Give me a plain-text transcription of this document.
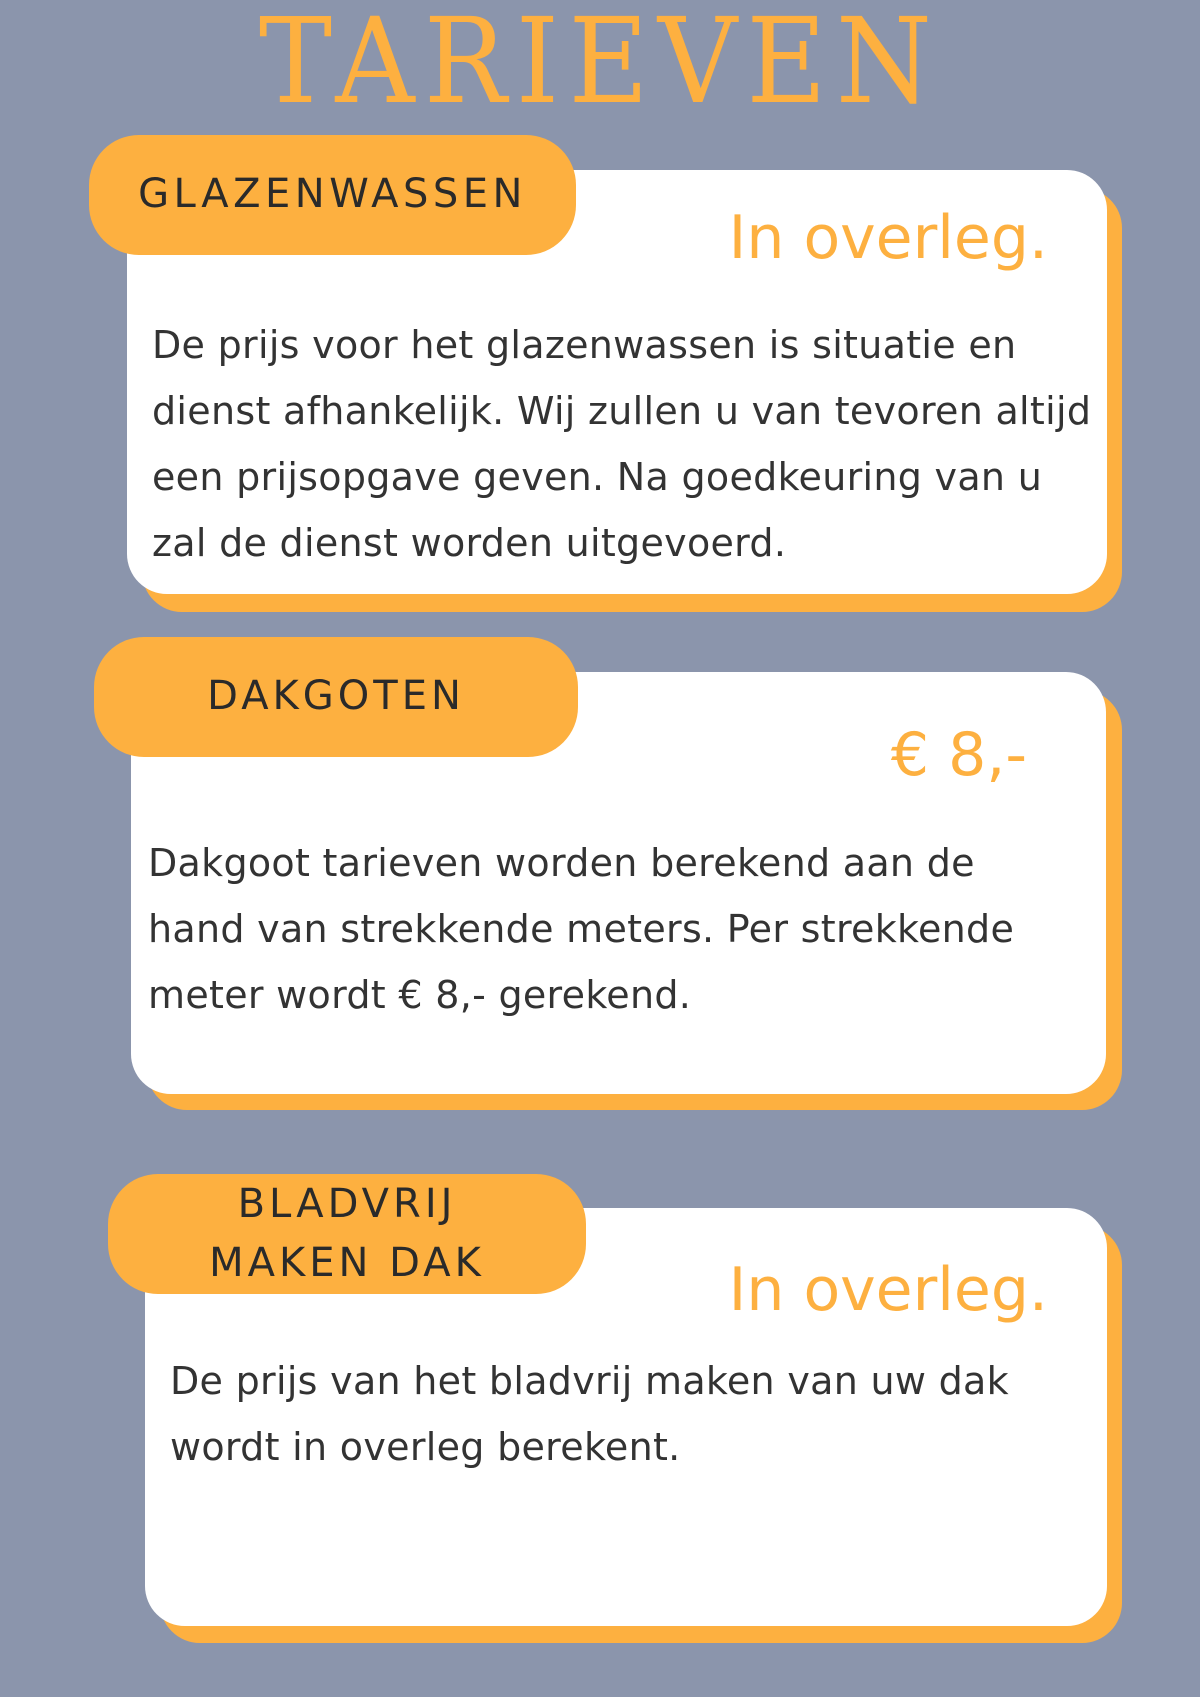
TARIEVEN
GLAZENWASSEN
In overleg.

De prijs voor het glazenwassen is situatie en dienst afhankelijk. Wij zullen u van tevoren altijd een prijsopgave geven. Na goedkeuring van u zal de dienst worden uitgevoerd.

DAKGOTEN
€ 8,-

Dakgoot tarieven worden berekend aan de hand van strekkende meters. Per strekkende meter wordt € 8,- gerekend.

BLADVRIJ MAKEN DAK	In overleg.

De prijs van het bladvrij maken van uw dak wordt in overleg berekent.
